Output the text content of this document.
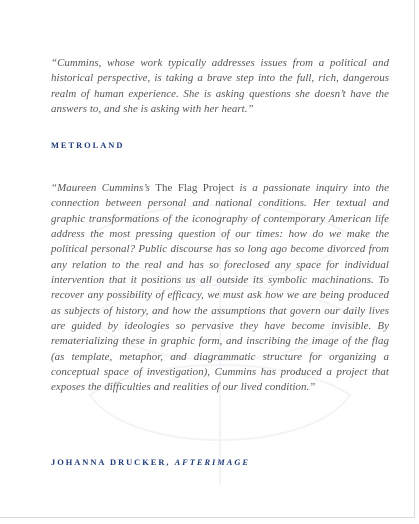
“Cummins, whose work typically addresses issues from a political and historical perspective, is taking a brave step into the full, rich, dangerous realm of human experience. She is asking questions she doesn’t have the answers to, and she is asking with her heart.”

METROLAND

“Maureen Cummins’s The Flag Project is a passionate inquiry into the connection between personal and national conditions. Her textual and graphic transformations of the iconography of contemporary American life address the most pressing question of our times: how do we make the political personal? Public discourse has so long ago become divorced from any relation to the real and has so foreclosed any space for individual intervention that it positions us all outside its symbolic machinations. To recover any possibility of efficacy, we must ask how we are being produced as subjects of history, and how the assumptions that govern our daily lives are guided by ideologies so pervasive they have become invisible. By rematerializing these in graphic form, and inscribing the image of the flag (as template, metaphor, and diagrammatic structure for organizing a conceptual space of investigation), Cummins has produced a project that exposes the difficulties and realities of our lived condition.”

JOHANNA DRUCKER, AFTERIMAGE
